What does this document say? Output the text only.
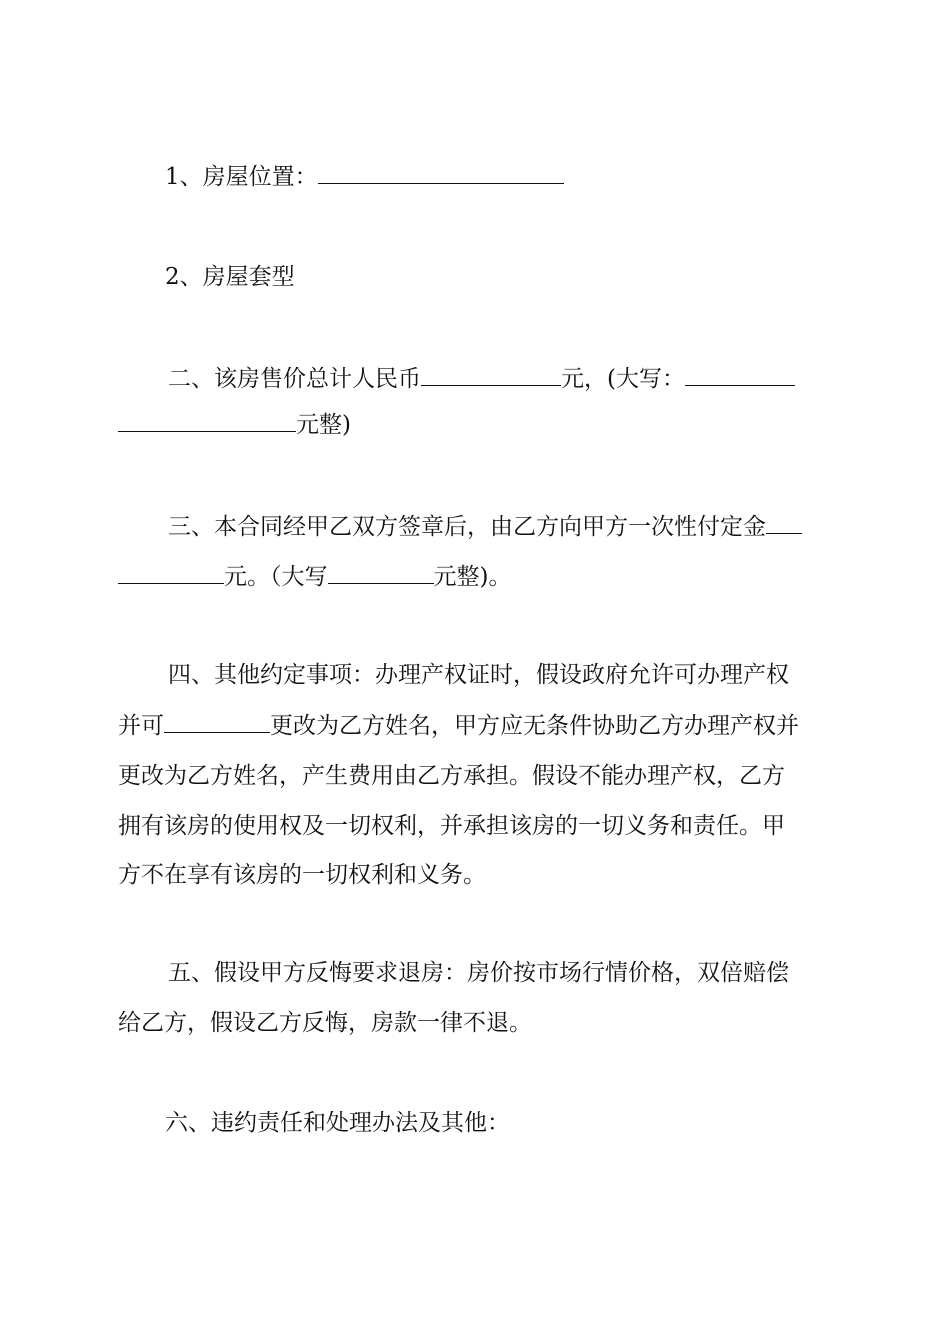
1、房屋位置：
2、房屋套型
二、该房售价总计人民币	元，(大写：
元整)
三、本合同经甲乙双方签章后，由乙方向甲方一次性付定金
元。（大写	元整)。
四、其他约定事项：办理产权证时，假设政府允许可办理产权
并可	更改为乙方姓名，甲方应无条件协助乙方办理产权并
更改为乙方姓名，产生费用由乙方承担。假设不能办理产权，乙方
拥有该房的使用权及一切权利，并承担该房的一切义务和责任。甲
方不在享有该房的一切权利和义务。
五、假设甲方反悔要求退房：房价按市场行情价格，双倍赔偿
给乙方，假设乙方反悔，房款一律不退。
六、违约责任和处理办法及其他：
